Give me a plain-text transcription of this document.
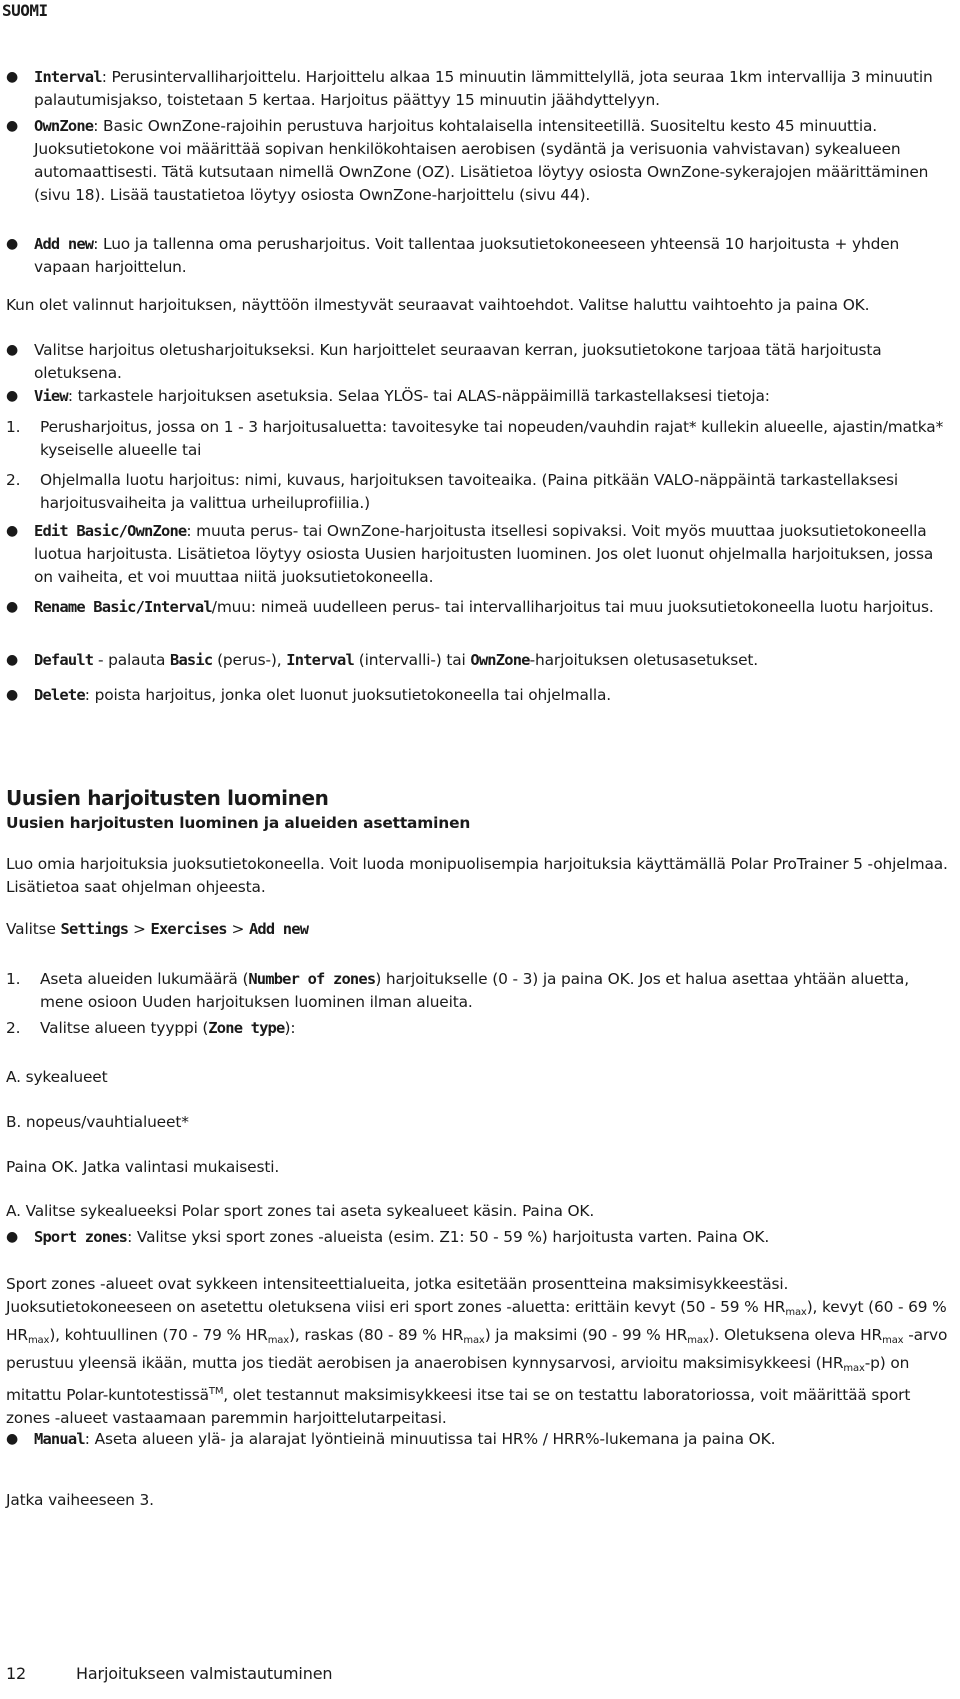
SUOMI
● Interval: Perusintervalliharjoittelu. Harjoittelu alkaa 15 minuutin lämmittelyllä, jota seuraa 1km intervallija 3 minuutin palautumisjakso, toistetaan 5 kertaa. Harjoitus päättyy 15 minuutin jäähdyttelyyn.
● OwnZone: Basic OwnZone-rajoihin perustuva harjoitus kohtalaisella intensiteetillä. Suositeltu kesto 45 minuuttia. Juoksutietokone voi määrittää sopivan henkilökohtaisen aerobisen (sydäntä ja verisuonia vahvistavan) sykealueen automaattisesti. Tätä kutsutaan nimellä OwnZone (OZ). Lisätietoa löytyy osiosta OwnZone-sykerajojen määrittäminen (sivu 18). Lisää taustatietoa löytyy osiosta OwnZone-harjoittelu (sivu 44).
● Add new: Luo ja tallenna oma perusharjoitus. Voit tallentaa juoksutietokoneeseen yhteensä 10 harjoitusta + yhden vapaan harjoittelun.
Kun olet valinnut harjoituksen, näyttöön ilmestyvät seuraavat vaihtoehdot. Valitse haluttu vaihtoehto ja paina OK.
● Valitse harjoitus oletusharjoitukseksi. Kun harjoittelet seuraavan kerran, juoksutietokone tarjoaa tätä harjoitusta oletuksena.
● View: tarkastele harjoituksen asetuksia. Selaa YLÖS- tai ALAS-näppäimillä tarkastellaksesi tietoja:
1. Perusharjoitus, jossa on 1 - 3 harjoitusaluetta: tavoitesyke tai nopeuden/vauhdin rajat* kullekin alueelle, ajastin/matka* kyseiselle alueelle tai
2. Ohjelmalla luotu harjoitus: nimi, kuvaus, harjoituksen tavoiteaika. (Paina pitkään VALO-näppäintä tarkastellaksesi harjoitusvaiheita ja valittua urheiluprofiilia.)
● Edit Basic/OwnZone: muuta perus- tai OwnZone-harjoitusta itsellesi sopivaksi. Voit myös muuttaa juoksutietokoneella luotua harjoitusta. Lisätietoa löytyy osiosta Uusien harjoitusten luominen. Jos olet luonut ohjelmalla harjoituksen, jossa on vaiheita, et voi muuttaa niitä juoksutietokoneella.
● Rename Basic/Interval/muu: nimeä uudelleen perus- tai intervalliharjoitus tai muu juoksutietokoneella luotu harjoitus.
● Default - palauta Basic (perus-), Interval (intervalli-) tai OwnZone-harjoituksen oletusasetukset.
● Delete: poista harjoitus, jonka olet luonut juoksutietokoneella tai ohjelmalla.
Uusien harjoitusten luominen
Uusien harjoitusten luominen ja alueiden asettaminen
Luo omia harjoituksia juoksutietokoneella. Voit luoda monipuolisempia harjoituksia käyttämällä Polar ProTrainer 5 -ohjelmaa. Lisätietoa saat ohjelman ohjeesta.
Valitse Settings > Exercises > Add new
1. Aseta alueiden lukumäärä (Number of zones) harjoitukselle (0 - 3) ja paina OK. Jos et halua asettaa yhtään aluetta, mene osioon Uuden harjoituksen luominen ilman alueita.
2. Valitse alueen tyyppi (Zone type):
A. sykealueet
B. nopeus/vauhtialueet*
Paina OK. Jatka valintasi mukaisesti.
A. Valitse sykealueeksi Polar sport zones tai aseta sykealueet käsin. Paina OK.
● Sport zones: Valitse yksi sport zones -alueista (esim. Z1: 50 - 59 %) harjoitusta varten. Paina OK.
Sport zones -alueet ovat sykkeen intensiteettialueita, jotka esitetään prosentteina maksimisykkeestäsi. Juoksutietokoneeseen on asetettu oletuksena viisi eri sport zones -aluetta: erittäin kevyt (50 - 59 % $HR_{max}$), kevyt (60 - 69 % $HR_{max}$), kohtuullinen (70 - 79 % $HR_{max}$), raskas (80 - 89 % $HR_{max}$) ja maksimi (90 - 99 % $HR_{max}$). Oletuksena oleva $HR_{max}$ -arvo perustuu yleensä ikään, mutta jos tiedät aerobisen ja anaerobisen kynnysarvosi, arvioitu maksimisykkeesi $(HR_{max}-p)$ on mitattu Polar-kuntotestissä™, olet testannut maksimisykkeesi itse tai se on testattu laboratoriossa, voit määrittää sport zones -alueet vastaamaan paremmin harjoittelutarpeitasi.
● Manual: Aseta alueen ylä- ja alarajat lyöntieinä minuutissa tai HR% / HRR%-lukemana ja paina OK.
Jatka vaiheeseen 3.
12	Harjoitukseen valmistautuminen
